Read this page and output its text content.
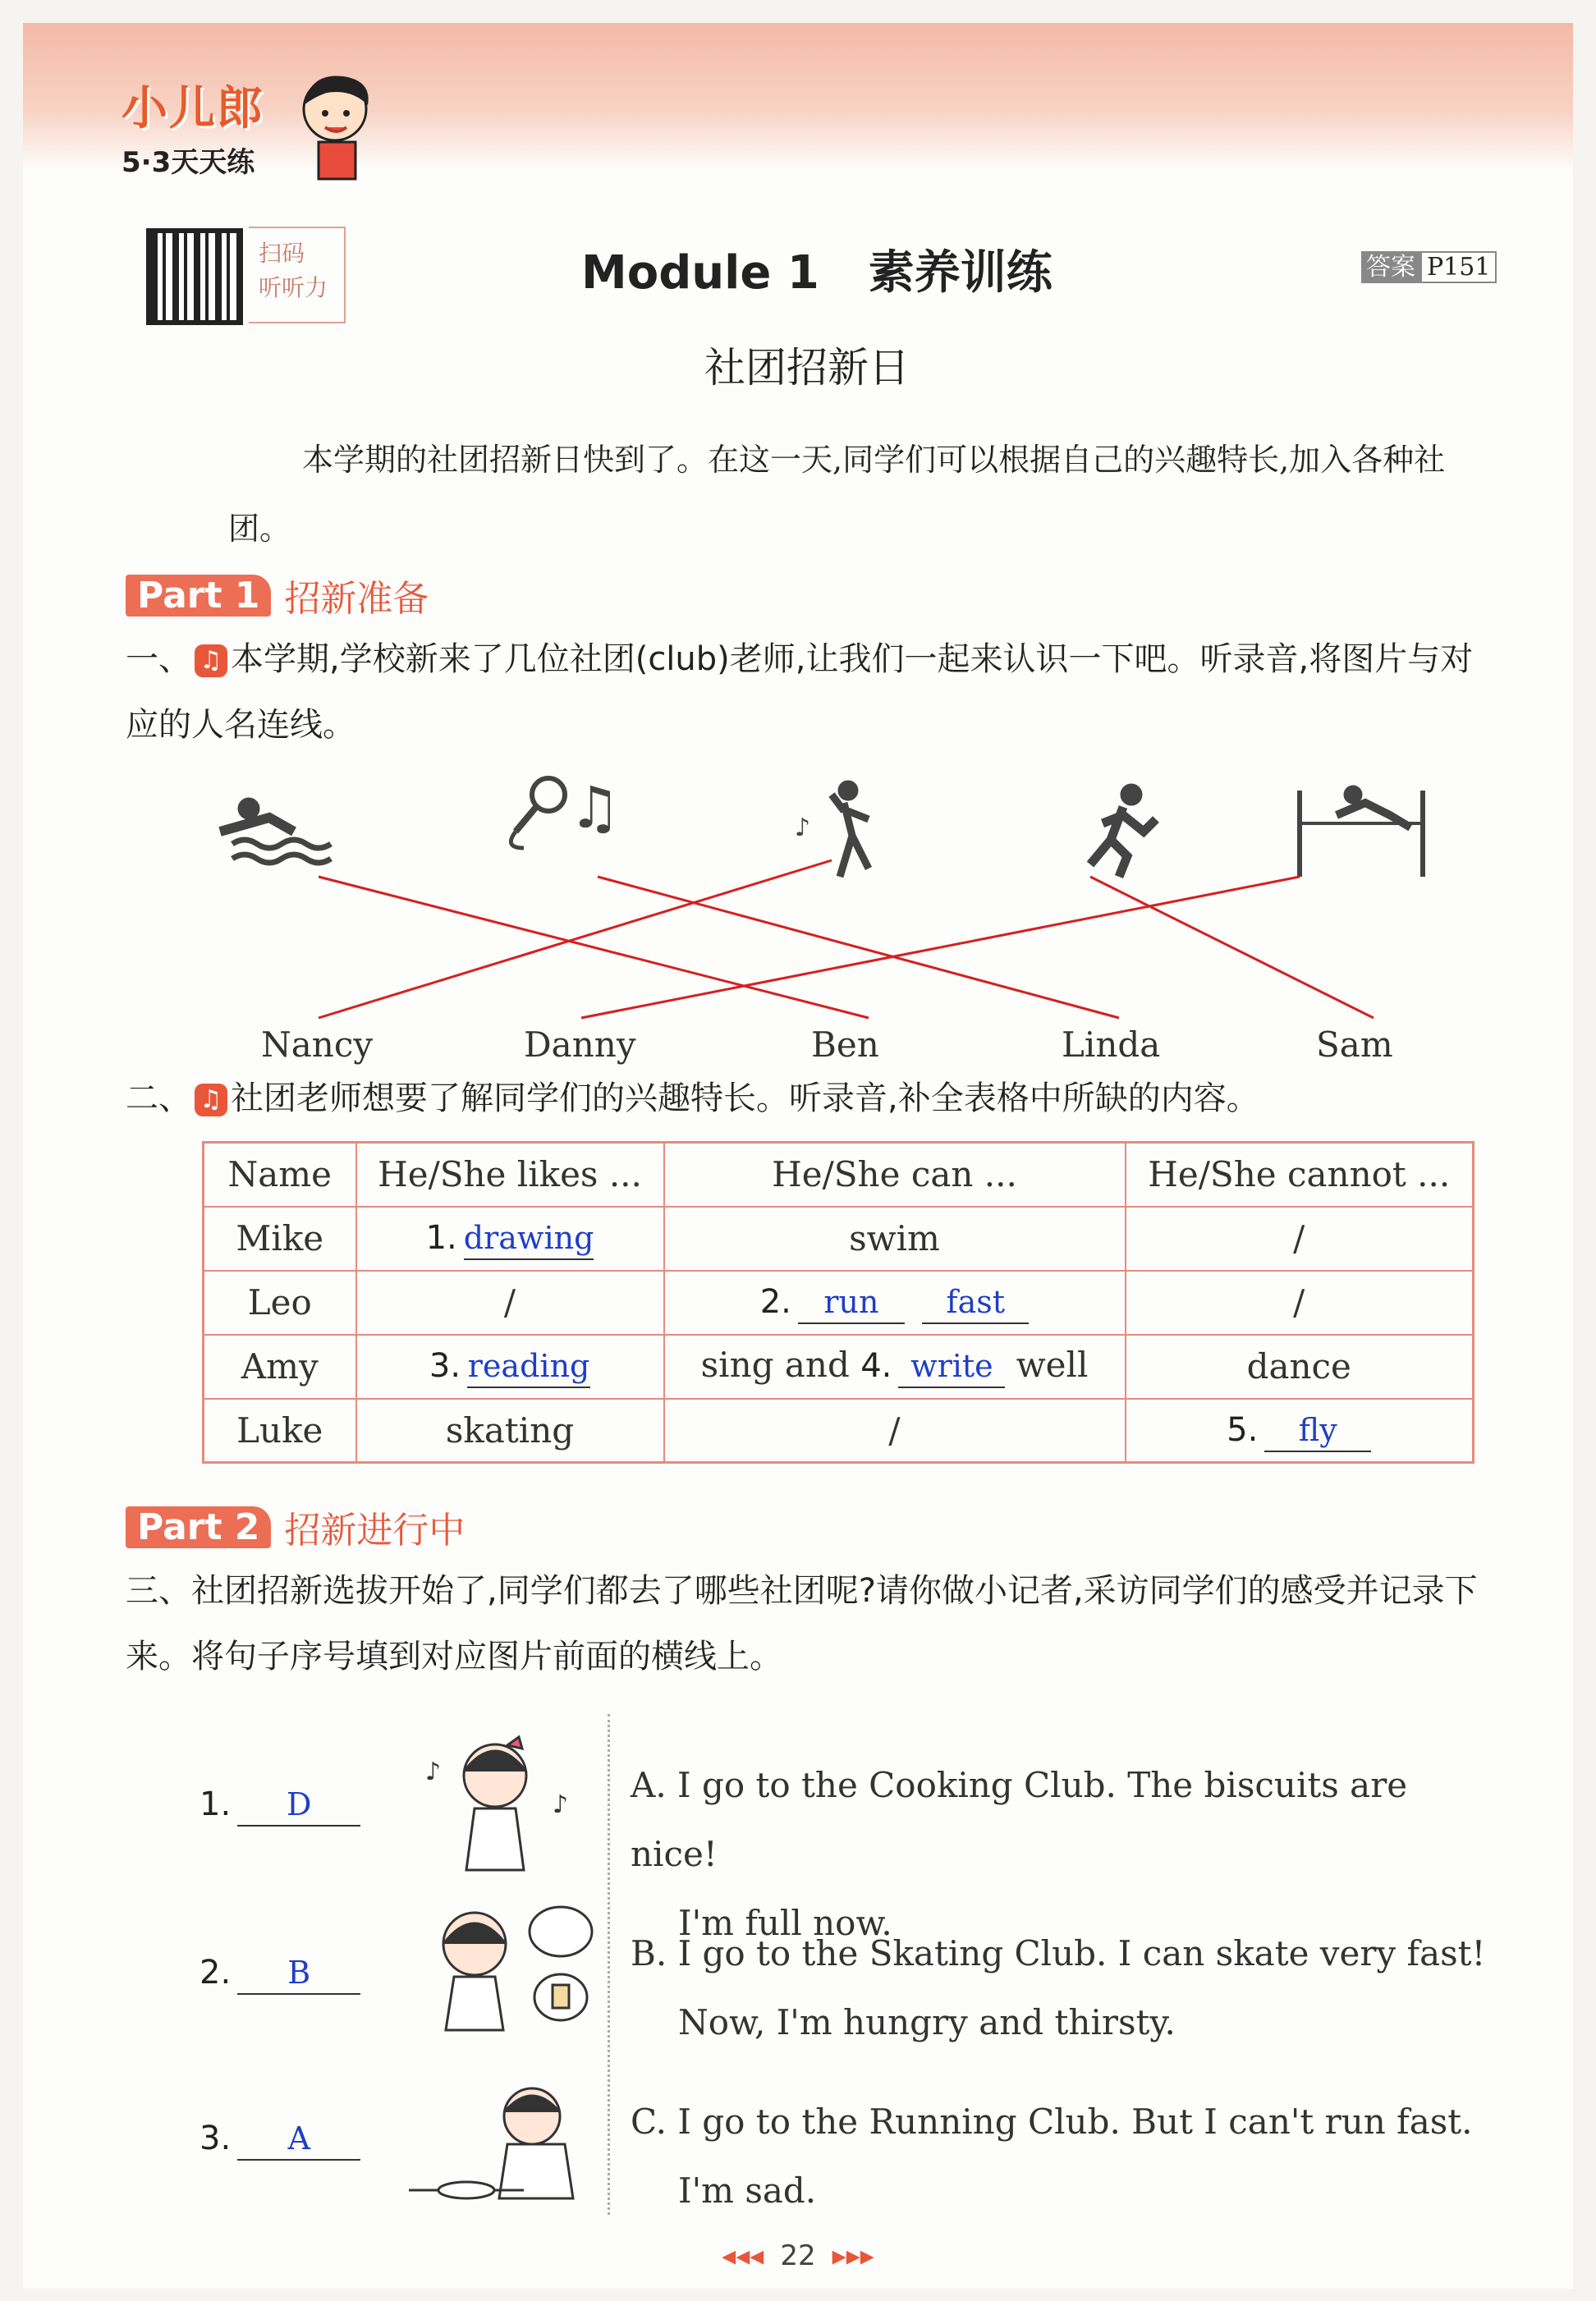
小儿郎
5·3天天练
扫码
听听力	Module 1 素养训练	答案 P151
社团招新日
本学期的社团招新日快到了。在这一天,同学们可以根据自己的兴趣特长,加入各种社团。
Part 1 招新准备
一、 ♫ 本学期,学校新来了几位社团(club)老师,让我们一起来认识一下吧。听录音,将图片与对应的人名连线。
♫	♪
Nancy	Danny	Ben	Linda	Sam
二、 ♫ 社团老师想要了解同学们的兴趣特长。听录音,补全表格中所缺的内容。
Name	He/She likes ...	He/She can ...	He/She cannot ...
Mike	1. drawing	swim	/
Leo	/	2. run fast	/
Amy	3. reading	sing and 4. write well	dance
Luke	skating	/	5. fly
Part 2 招新进行中
三、社团招新选拔开始了,同学们都去了哪些社团呢?请你做小记者,采访同学们的感受并记录下来。将句子序号填到对应图片前面的横线上。
1. D
2. B
3. A
♪
♪ A. I go to the Cooking Club. The biscuits are nice!
I'm full now.
B. I go to the Skating Club. I can skate very fast!
Now, I'm hungry and thirsty.
C. I go to the Running Club. But I can't run fast.
I'm sad.
◂◂◂ 22 ▸▸▸
